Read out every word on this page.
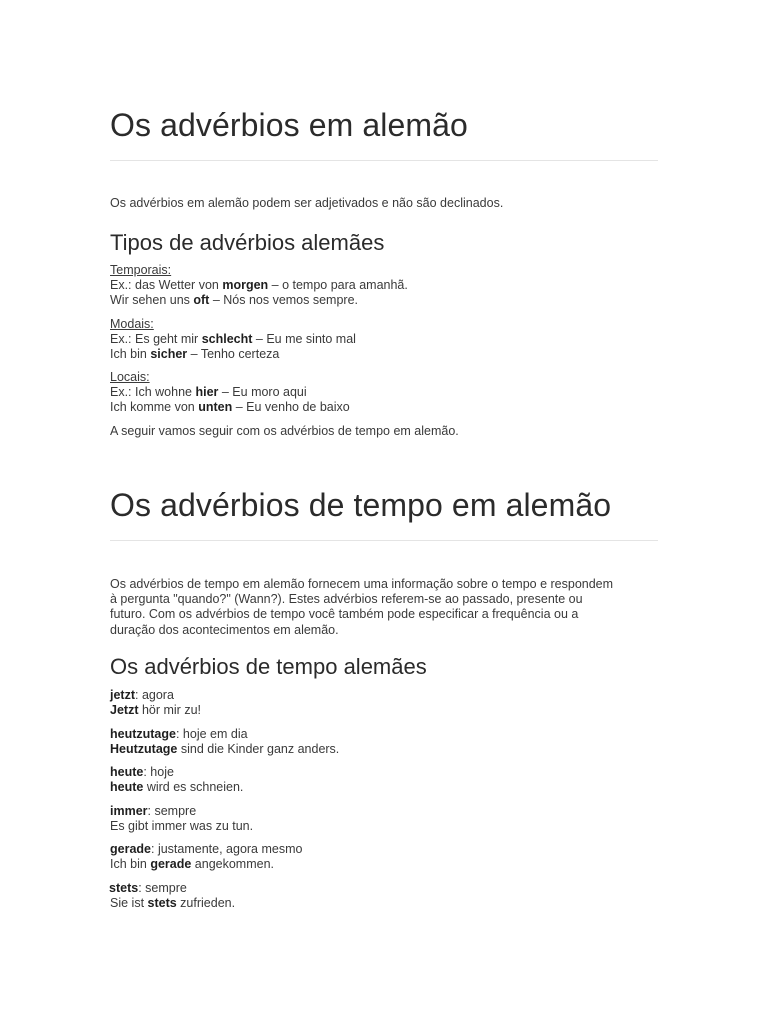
Os advérbios em alemão

Os advérbios em alemão podem ser adjetivados e não são declinados.

Tipos de advérbios alemães
Temporais:
Ex.: das Wetter von morgen – o tempo para amanhã.
Wir sehen uns oft – Nós nos vemos sempre.
Modais:
Ex.: Es geht mir schlecht – Eu me sinto mal
Ich bin sicher – Tenho certeza
Locais:
Ex.: Ich wohne hier – Eu moro aqui
Ich komme von unten – Eu venho de baixo

A seguir vamos seguir com os advérbios de tempo em alemão.

Os advérbios de tempo em alemão
Os advérbios de tempo em alemão fornecem uma informação sobre o tempo e respondem
à pergunta "quando?" (Wann?). Estes advérbios referem-se ao passado, presente ou
futuro. Com os advérbios de tempo você também pode especificar a frequência ou a
duração dos acontecimentos em alemão.
Os advérbios de tempo alemães
jetzt: agora
Jetzt hör mir zu!
heutzutage: hoje em dia
Heutzutage sind die Kinder ganz anders.
heute: hoje
heute wird es schneien.
immer: sempre
Es gibt immer was zu tun.
gerade: justamente, agora mesmo
Ich bin gerade angekommen.
stets: sempre
Sie ist stets zufrieden.
